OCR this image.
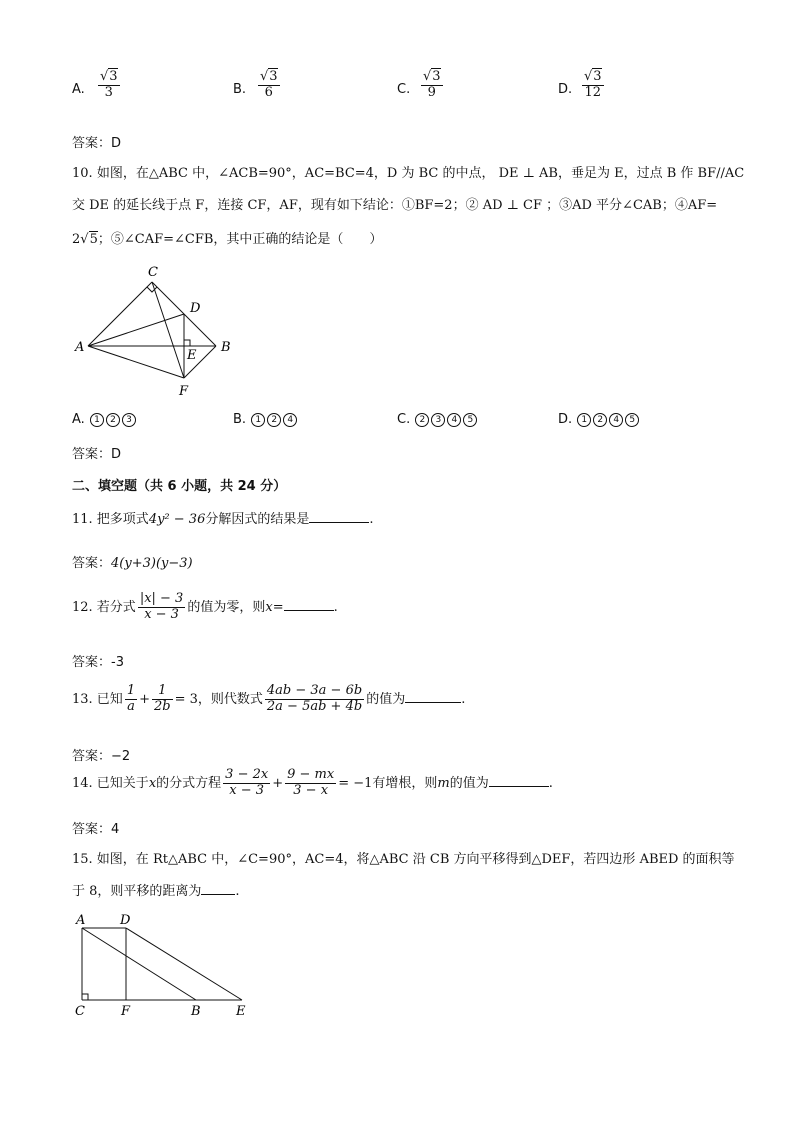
A. $\frac{√3}{3}$	B. $\frac{√3}{6}$	C. $\frac{√3}{9}$	D. $\frac{√3}{12}$
答案：D
10. 如图，在△ABC 中，∠ACB=90°，AC=BC=4，D 为 BC 的中点， DE ⊥ AB，垂足为 E，过点 B 作 BF//AC
交 DE 的延长线于点 F，连接 CF，AF，现有如下结论：①BF=2；② AD ⊥ CF ；③AD 平分∠CAB；④AF=
2√5；⑤∠CAF=∠CFB，其中正确的结论是（　　）
C
D
A
E
B
F
A. 1 2 3	B. 1 2 4	C. 2 3 4 5	D. 1 2 4 5
答案：D
二、填空题（共 6 小题，共 24 分）
11. 把多项式4y² − 36分解因式的结果是	.
答案：4(y+3)(y−3)
12. 若分式 $\frac{|x| - 3}{x - 3}$ 的值为零，则x=	.
答案：-3
13. 已知 $\frac{1}{a} + \frac{1}{2b} = 3$，则代数式 $\frac{4ab - 3a - 6b}{2a - 5ab + 4b}$ 的值为	.
答案：−2
14. 已知关于x的分式方程 $\frac{3 - 2x}{x - 3} + \frac{9 - mx}{3 - x} = -1$有增根，则m的值为	.
答案：4
15. 如图，在 Rt△ABC 中，∠C=90°，AC=4，将△ABC 沿 CB 方向平移得到△DEF，若四边形 ABED 的面积等
于 8，则平移的距离为	.
A	D
C	F	B	E
